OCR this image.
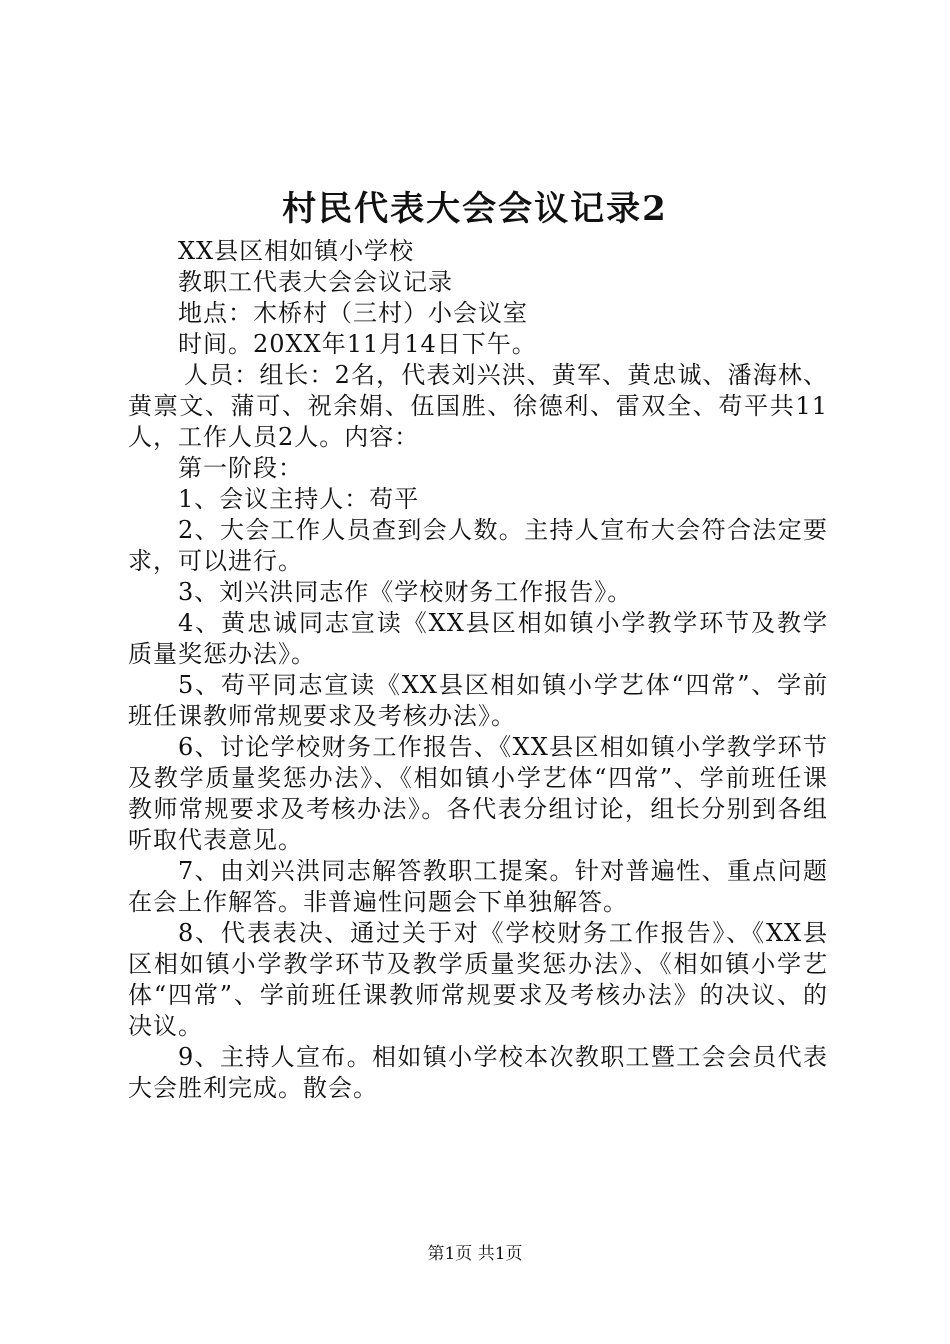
村民代表大会会议记录2

XX县区相如镇小学校

教职工代表大会会议记录

地点：木桥村（三村）小会议室

时间。20XX年11月14日下午。

人员：组长：2名，代表刘兴洪、黄军、黄忠诚、潘海林、黄禀文、蒲可、祝余娟、伍国胜、徐德利、雷双全、苟平共11人，工作人员2人。内容：

第一阶段：

1、会议主持人：苟平

2、大会工作人员查到会人数。主持人宣布大会符合法定要求，可以进行。

3、刘兴洪同志作《学校财务工作报告》。

4、黄忠诚同志宣读《XX县区相如镇小学教学环节及教学质量奖惩办法》。

5、苟平同志宣读《XX县区相如镇小学艺体“四常”、学前班任课教师常规要求及考核办法》。

6、讨论学校财务工作报告、《XX县区相如镇小学教学环节及教学质量奖惩办法》、《相如镇小学艺体“四常”、学前班任课教师常规要求及考核办法》。各代表分组讨论，组长分别到各组听取代表意见。

7、由刘兴洪同志解答教职工提案。针对普遍性、重点问题在会上作解答。非普遍性问题会下单独解答。

8、代表表决、通过关于对《学校财务工作报告》、《XX县区相如镇小学教学环节及教学质量奖惩办法》、《相如镇小学艺体“四常”、学前班任课教师常规要求及考核办法》的决议、的决议。

9、主持人宣布。相如镇小学校本次教职工暨工会会员代表大会胜利完成。散会。

第1页 共1页
